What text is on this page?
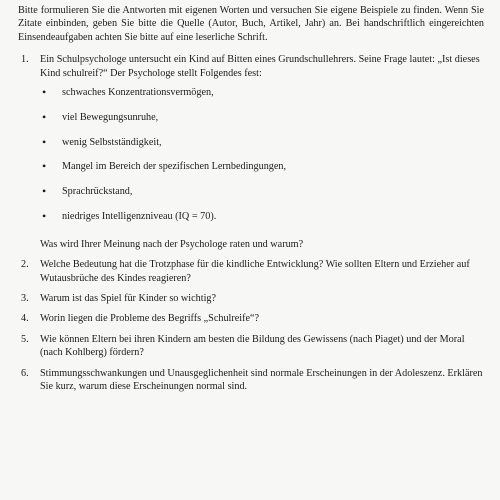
Bitte formulieren Sie die Antworten mit eigenen Worten und versuchen Sie eigene Beispiele zu finden. Wenn Sie Zitate einbinden, geben Sie bitte die Quelle (Autor, Buch, Artikel, Jahr) an. Bei handschriftlich eingereichten Einsendeaufgaben achten Sie bitte auf eine leserliche Schrift.

1.	Ein Schulpsychologe untersucht ein Kind auf Bitten eines Grundschullehrers. Seine Frage lautet: „Ist dieses Kind schulreif?“ Der Psychologe stellt Folgendes fest:
•	schwaches Konzentrationsvermögen,
•	viel Bewegungsunruhe,
•	wenig Selbstständigkeit,
•	Mangel im Bereich der spezifischen Lernbedingungen,
•	Sprachrückstand,
•	niedriges Intelligenzniveau (IQ = 70).
Was wird Ihrer Meinung nach der Psychologe raten und warum?
2.	Welche Bedeutung hat die Trotzphase für die kindliche Entwicklung? Wie sollten Eltern und Erzieher auf Wutausbrüche des Kindes reagieren?
3.	Warum ist das Spiel für Kinder so wichtig?
4.	Worin liegen die Probleme des Begriffs „Schulreife“?
5.	Wie können Eltern bei ihren Kindern am besten die Bildung des Gewissens (nach Piaget) und der Moral (nach Kohlberg) fördern?
6.	Stimmungsschwankungen und Unausgeglichenheit sind normale Erscheinungen in der Adoleszenz. Erklären Sie kurz, warum diese Erscheinungen normal sind.
